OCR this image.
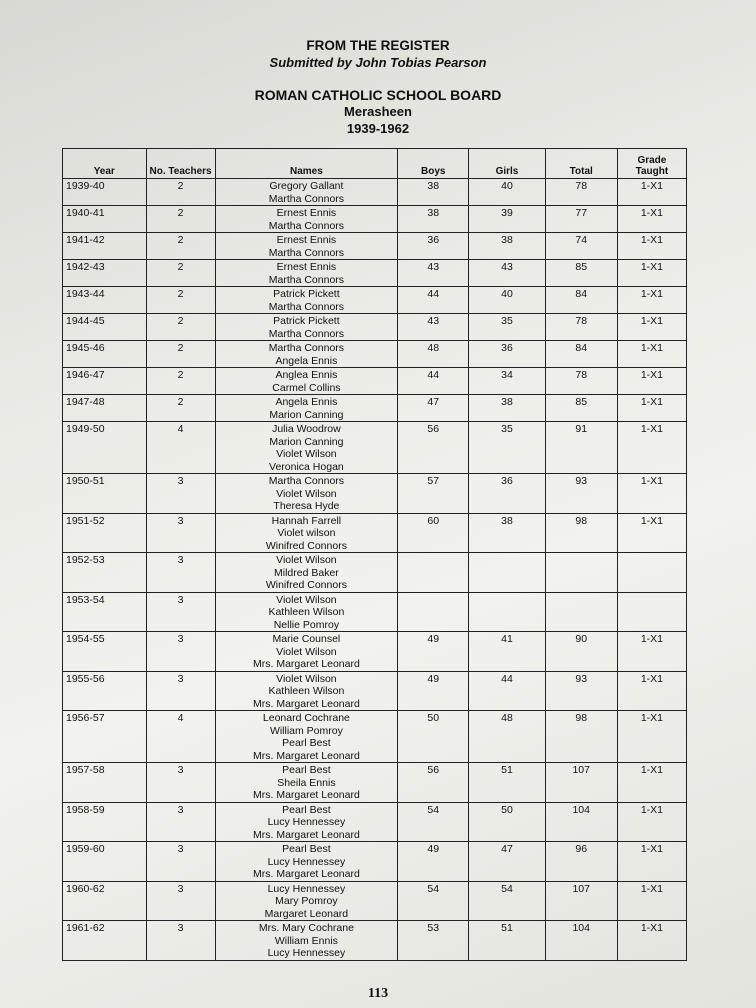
FROM THE REGISTER
Submitted by John Tobias Pearson
ROMAN CATHOLIC SCHOOL BOARD
Merasheen
1939-1962
Year	No. Teachers	Names	Boys	Girls	Total	Grade Taught
1939-40	2	Gregory Gallant
Martha Connors	38	40	78	1-X1
1940-41	2	Ernest Ennis
Martha Connors	38	39	77	1-X1
1941-42	2	Ernest Ennis
Martha Connors	36	38	74	1-X1
1942-43	2	Ernest Ennis
Martha Connors	43	43	85	1-X1
1943-44	2	Patrick Pickett
Martha Connors	44	40	84	1-X1
1944-45	2	Patrick Pickett
Martha Connors	43	35	78	1-X1
1945-46	2	Martha Connors
Angela Ennis	48	36	84	1-X1
1946-47	2	Anglea Ennis
Carmel Collins	44	34	78	1-X1
1947-48	2	Angela Ennis
Marion Canning	47	38	85	1-X1
1949-50	4	Julia Woodrow
Marion Canning
Violet Wilson
Veronica Hogan	56	35	91	1-X1
1950-51	3	Martha Connors
Violet Wilson
Theresa Hyde	57	36	93	1-X1
1951-52	3	Hannah Farrell
Violet wilson
Winifred Connors	60	38	98	1-X1
1952-53	3	Violet Wilson
Mildred Baker
Winifred Connors				

1953-54	3	Violet Wilson
Kathleen Wilson
Nellie Pomroy				

1954-55	3	Marie Counsel
Violet Wilson
Mrs. Margaret Leonard	49	41	90	1-X1
1955-56	3	Violet Wilson
Kathleen Wilson
Mrs. Margaret Leonard	49	44	93	1-X1
1956-57	4	Leonard Cochrane
William Pomroy
Pearl Best
Mrs. Margaret Leonard	50	48	98	1-X1
1957-58	3	Pearl Best
Sheila Ennis
Mrs. Margaret Leonard	56	51	107	1-X1
1958-59	3	Pearl Best
Lucy Hennessey
Mrs. Margaret Leonard	54	50	104	1-X1
1959-60	3	Pearl Best
Lucy Hennessey
Mrs. Margaret Leonard	49	47	96	1-X1
1960-62	3	Lucy Hennessey
Mary Pomroy
Margaret Leonard	54	54	107	1-X1
1961-62	3	Mrs. Mary Cochrane
William Ennis
Lucy Hennessey	53	51	104	1-X1
113
